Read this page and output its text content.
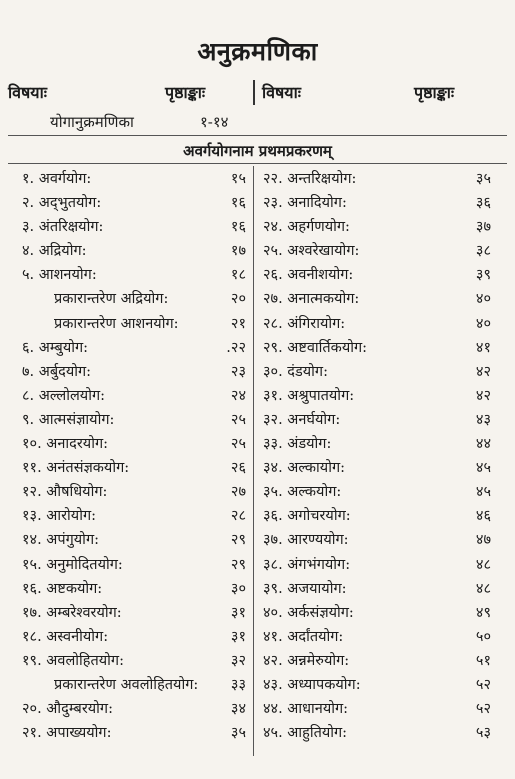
अनुक्रमणिका
विषयाः	पृष्ठाङ्काः	विषयाः	पृष्ठाङ्काः
योगानुक्रमणिका	१-१४
अवर्गयोगनाम प्रथमप्रकरणम्
१. अवर्गयोग:	१५
२. अद्‌भुतयोग:	१६
३. अंतरिक्षयोग:	१६
४. अद्रियोग:	१७
५. आशनयोग:	१८
प्रकारान्तरेण अद्रियोग:	२०
प्रकारान्तरेण आशनयोग:	२१
६. अम्बुयोग:	.२२
७. अर्बुदयोग:	२३
८. अल्लोलयोग:	२४
९. आत्मसंज्ञायोग:	२५
१०. अनादरयोग:	२५
११. अनंतसंज्ञकयोग:	२६
१२. औषधियोग:	२७
१३. आरोयोग:	२८
१४. अपंगुयोग:	२९
१५. अनुमोदितयोग:	२९
१६. अष्टकयोग:	३०
१७. अम्बरेश्वरयोग:	३१
१८. अस्वनीयोग:	३१
१९. अवलोहितयोग:	३२
प्रकारान्तरेण अवलोहितयोग: ३३
२०. औदुम्बरयोग:	३४
२१. अपाख्ययोग:	३५
२२. अन्तरिक्षयोग:	३५
२३. अनादियोग:	३६
२४. अहर्गणयोग:	३७
२५. अश्वरेखायोग:	३८
२६. अवनीशयोग:	३९
२७. अनात्मकयोग:	४०
२८. अंगिरायोग:	४०
२९. अष्टवार्तिकयोग:	४१
३०. दंडयोग:	४२
३१. अश्रुपातयोग:	४२
३२. अनर्घयोग:	४३
३३. अंडयोग:	४४
३४. अल्कायोग:	४५
३५. अल्कयोग:	४५
३६. अगोचरयोग:	४६
३७. आरण्ययोग:	४७
३८. अंगभंगयोग:	४८
३९. अजयायोग:	४८
४०. अर्कसंज्ञयोग:	४९
४१. अर्दांतयोग:	५०
४२. अन्नमेरुयोग:	५१
४३. अध्यापकयोग:	५२
४४. आधानयोग:	५२
४५. आहुतियोग:	५३
